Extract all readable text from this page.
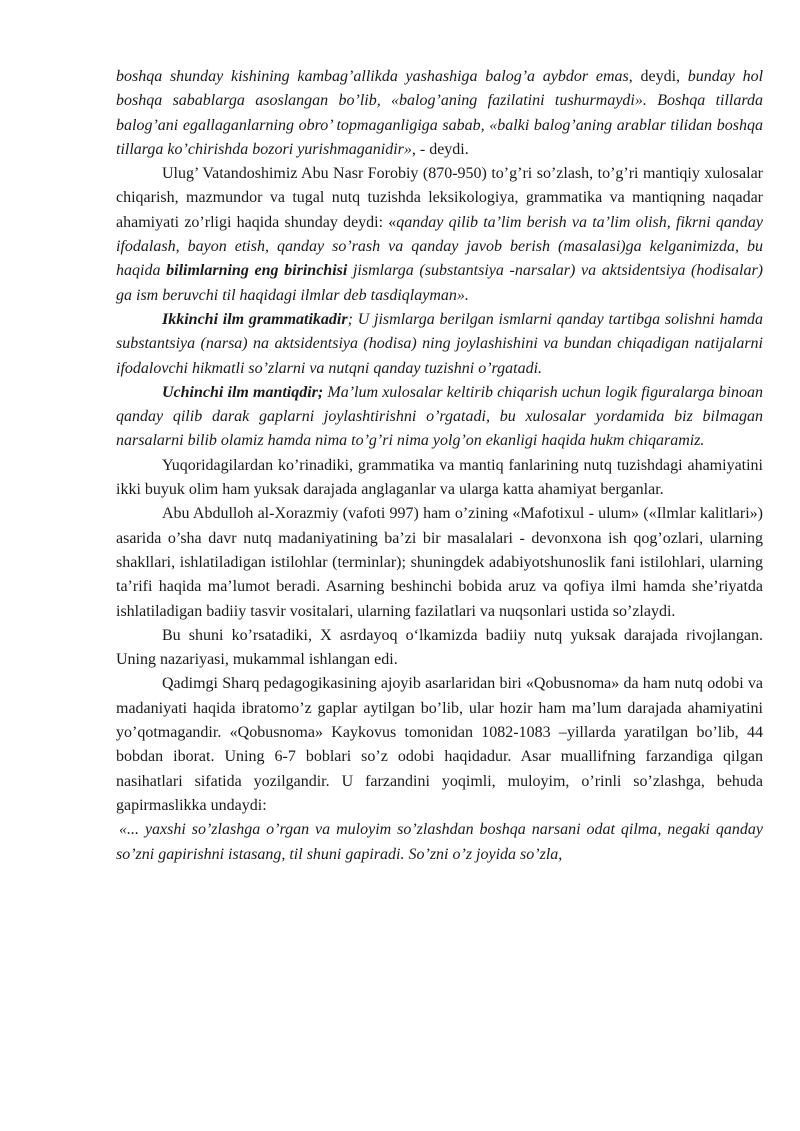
boshqa shunday kishining kambag’allikda yashashiga balog’a aybdor emas, deydi, bunday hol boshqa sabablarga asoslangan bo’lib, «balog’aning fazilatini tushurmaydi». Boshqa tillarda balog’ani egallaganlarning obro’ topmaganligiga sabab, «balki balog’aning arablar tilidan boshqa tillarga ko’chirishda bozori yurishmaganidir», - deydi.

Ulug’ Vatandoshimiz Abu Nasr Forobiy (870-950) to’g’ri so’zlash, to’g’ri mantiqiy xulosalar chiqarish, mazmundor va tugal nutq tuzishda leksikologiya, grammatika va mantiqning naqadar ahamiyati zo’rligi haqida shunday deydi: «qanday qilib ta’lim berish va ta’lim olish, fikrni qanday ifodalash, bayon etish, qanday so’rash va qanday javob berish (masalasi)ga kelganimizda, bu haqida bilimlarning eng birinchisi jismlarga (substantsiya -narsalar) va aktsidentsiya (hodisalar) ga ism beruvchi til haqidagi ilmlar deb tasdiqlayman».

Ikkinchi ilm grammatikadir; U jismlarga berilgan ismlarni qanday tartibga solishni hamda substantsiya (narsa) na aktsidentsiya (hodisa) ning joylashishini va bundan chiqadigan natijalarni ifodalovchi hikmatli so’zlarni va nutqni qanday tuzishni o’rgatadi.

Uchinchi ilm mantiqdir; Ma’lum xulosalar keltirib chiqarish uchun logik figuralarga binoan qanday qilib darak gaplarni joylashtirishni o’rgatadi, bu xulosalar yordamida biz bilmagan narsalarni bilib olamiz hamda nima to’g’ri nima yolg’on ekanligi haqida hukm chiqaramiz.

Yuqoridagilardan ko’rinadiki, grammatika va mantiq fanlarining nutq tuzishdagi ahamiyatini ikki buyuk olim ham yuksak darajada anglaganlar va ularga katta ahamiyat berganlar.

Abu Abdulloh al-Xorazmiy (vafoti 997) ham o’zining «Mafotixul - ulum» («Ilmlar kalitlari») asarida o’sha davr nutq madaniyatining ba’zi bir masalalari - devonxona ish qog’ozlari, ularning shakllari, ishlatiladigan istilohlar (terminlar); shuningdek adabiyotshunoslik fani istilohlari, ularning ta’rifi haqida ma’lumot beradi. Asarning beshinchi bobida aruz va qofiya ilmi hamda she’riyatda ishlatiladigan badiiy tasvir vositalari, ularning fazilatlari va nuqsonlari ustida so’zlaydi.

Bu shuni ko’rsatadiki, X asrdayoq o‘lkamizda badiiy nutq yuksak darajada rivojlangan. Uning nazariyasi, mukammal ishlangan edi.

Qadimgi Sharq pedagogikasining ajoyib asarlaridan biri «Qobusnoma» da ham nutq odobi va madaniyati haqida ibratomo’z gaplar aytilgan bo’lib, ular hozir ham ma’lum darajada ahamiyatini yo’qotmagandir. «Qobusnoma» Kaykovus tomonidan 1082-1083 –yillarda yaratilgan bo’lib, 44 bobdan iborat. Uning 6-7 boblari so’z odobi haqidadur. Asar muallifning farzandiga qilgan nasihatlari sifatida yozilgandir. U farzandini yoqimli, muloyim, o’rinli so’zlashga, behuda gapirmaslikka undaydi:

«... yaxshi so’zlashga o’rgan va muloyim so’zlashdan boshqa narsani odat qilma, negaki qanday so’zni gapirishni istasang, til shuni gapiradi. So’zni o’z joyida so’zla,
